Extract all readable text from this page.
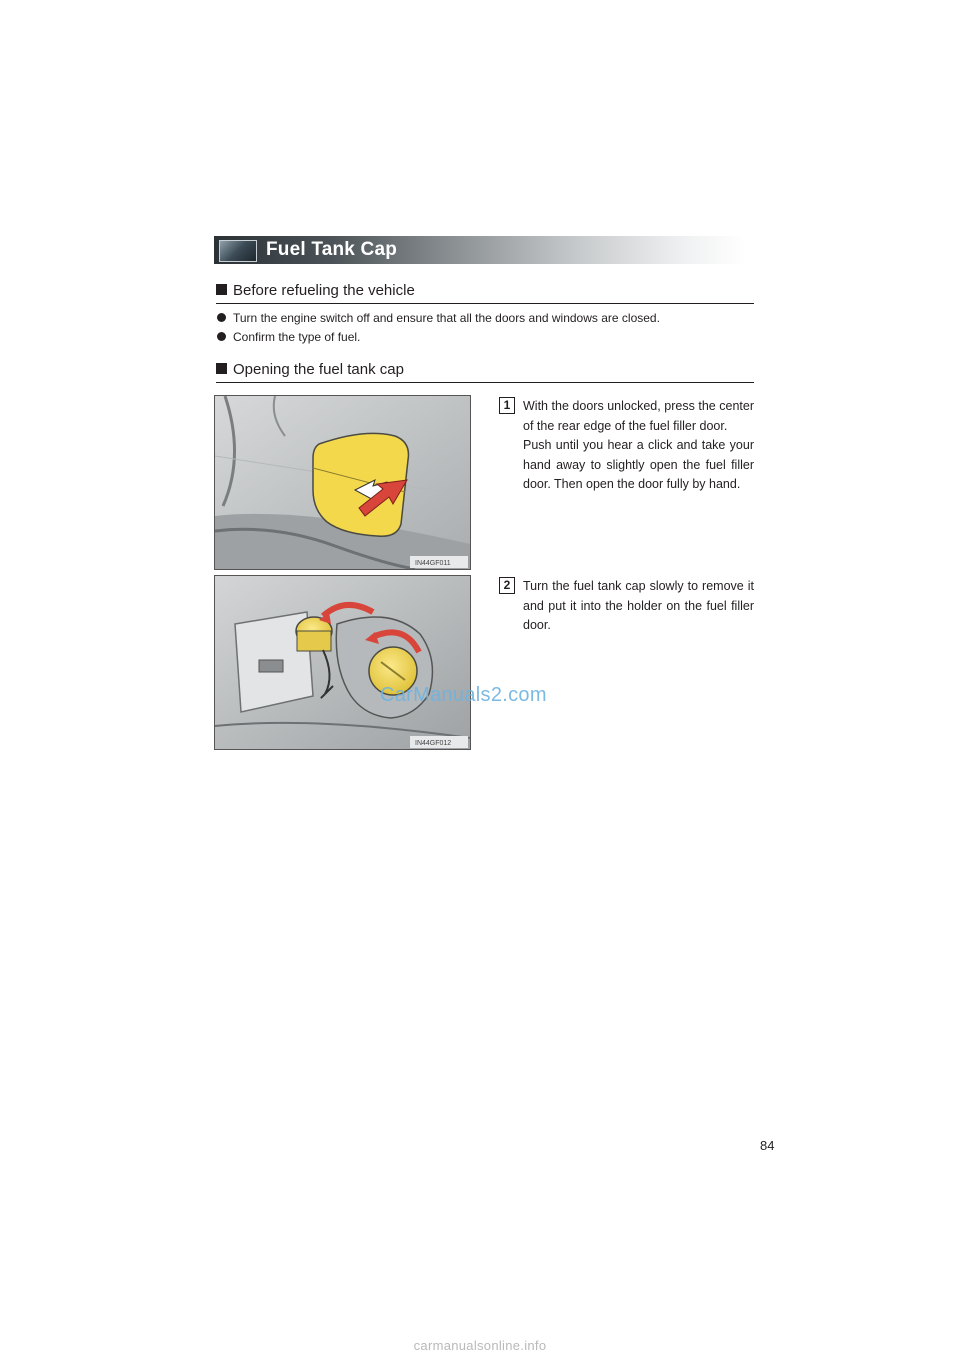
Fuel Tank Cap
Before refueling the vehicle
Turn the engine switch off and ensure that all the doors and windows are closed.
Confirm the type of fuel.
Opening the fuel tank cap
IN44GF011
1	With the doors unlocked, press the center of the rear edge of the fuel filler door.

Push until you hear a click and take your hand away to slightly open the fuel filler door. Then open the door fully by hand.

IN44GF012
2	Turn the fuel tank cap slowly to remove it and put it into the holder on the fuel filler door.

CarManuals2.com
84
carmanualsonline.info
